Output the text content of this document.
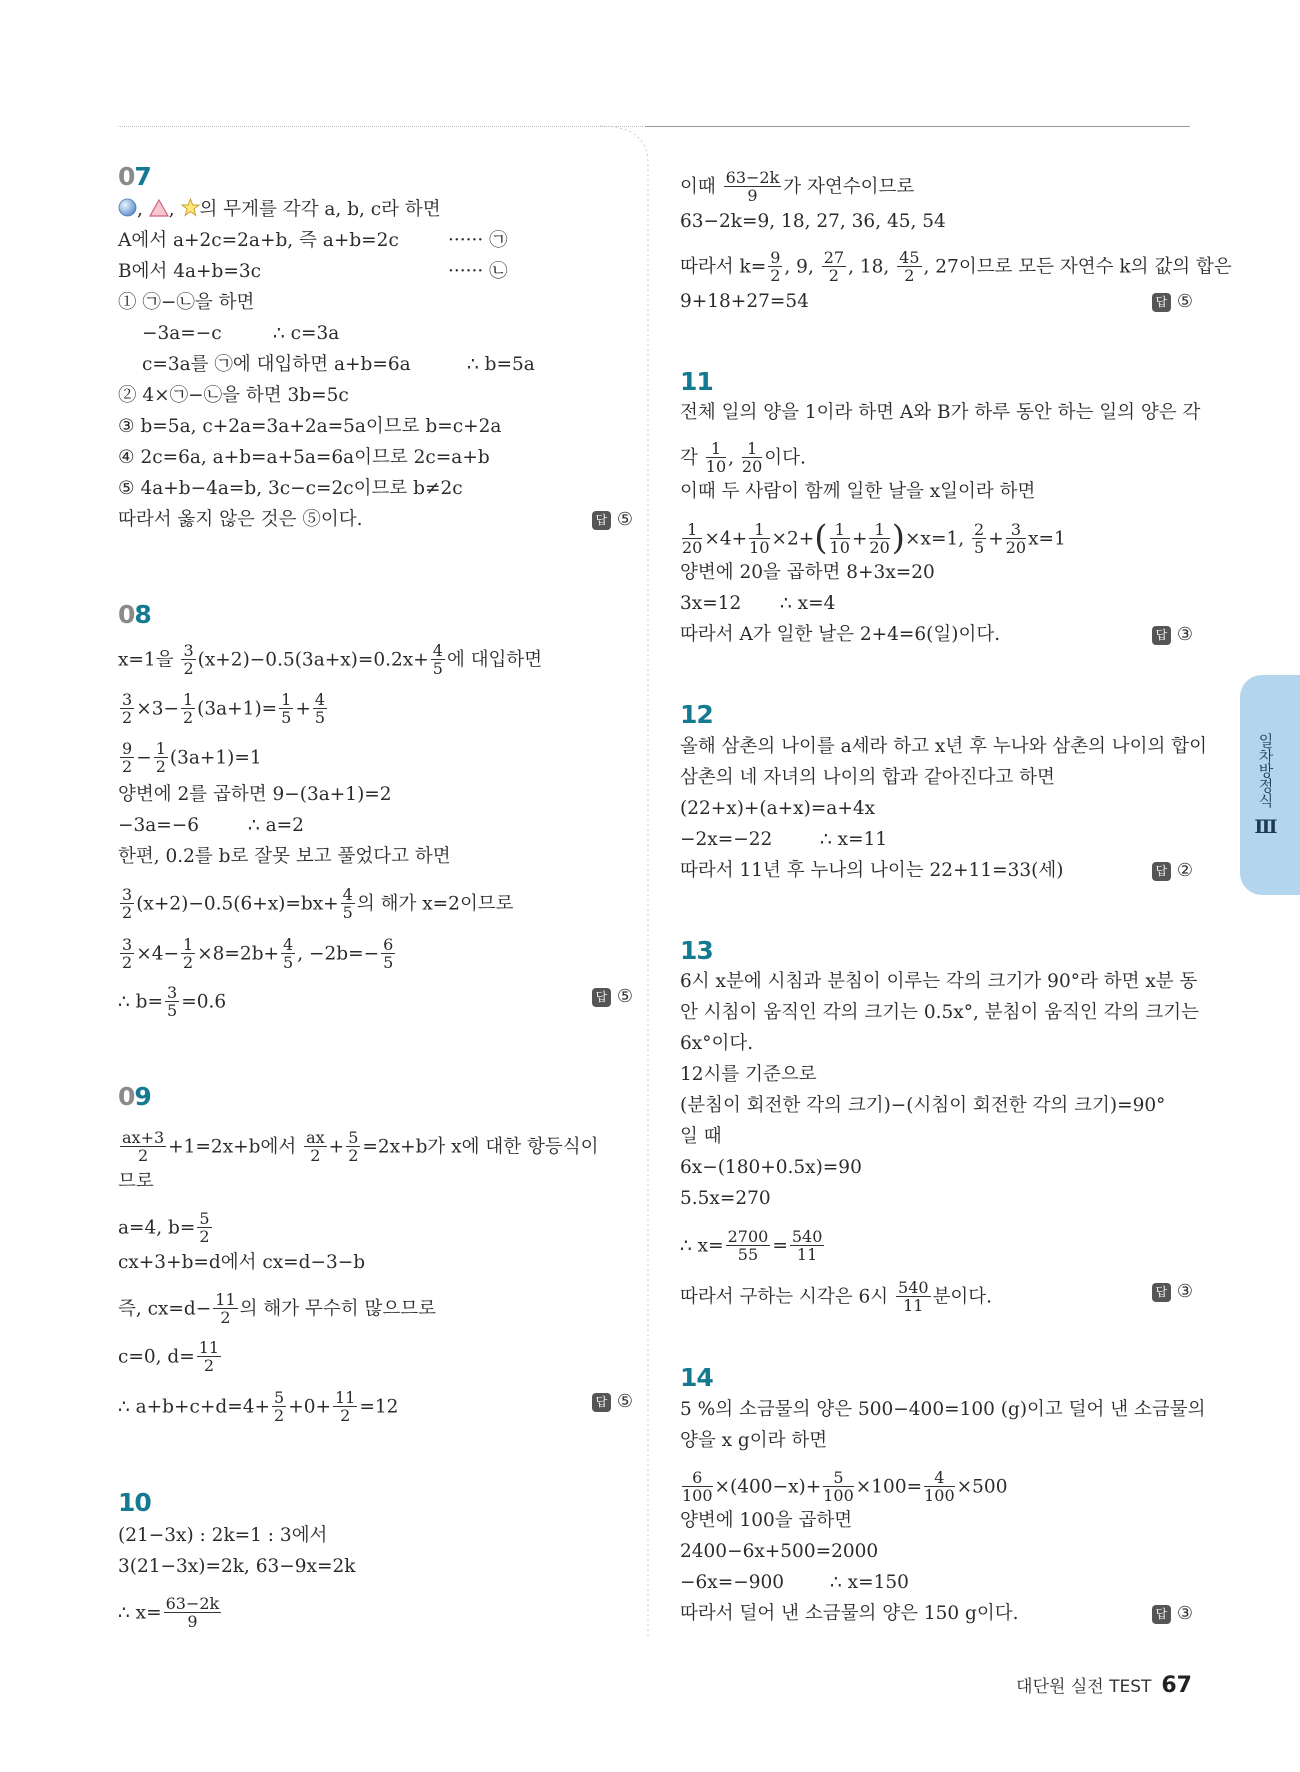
07
, , 의 무게를 각각 a, b, c라 하면
A에서 a+2c=2a+b, 즉 a+b=2c	······ ㉠
B에서 4a+b=3c	······ ㉡
① ㉠−㉡을 하면
−3a=−c	∴ c=3a
c=3a를 ㉠에 대입하면 a+b=6a	∴ b=5a
② 4×㉠−㉡을 하면 3b=5c
③ b=5a, c+2a=3a+2a=5a이므로 b=c+2a
④ 2c=6a, a+b=a+5a=6a이므로 2c=a+b
⑤ 4a+b−4a=b, 3c−c=2c이므로 b≠2c
따라서 옳지 않은 것은 ⑤이다.	답 ⑤
08
x=1을 $\frac{3}{2} (x+2)-0.5(3a+x)=0.2x+ \frac{4}{5}$ 에 대입하면
$\frac{3}{2} \times 3- \frac{1}{2} (3a+1)= \frac{1}{5} + \frac{4}{5}$
$\frac{9}{2} - \frac{1}{2} (3a+1)=1$
양변에 2를 곱하면 9−(3a+1)=2
−3a=−6	∴ a=2
한편, 0.2를 b로 잘못 보고 풀었다고 하면
$\frac{3}{2} (x+2)-0.5(6+x)=bx+ \frac{4}{5}$ 의 해가 x=2이므로
$\frac{3}{2} \times 4- \frac{1}{2} \times 8=2b+ \frac{4}{5}$ , $-2b=- \frac{6}{5}$
∴ $b= \frac{3}{5} =0.6$	답 ⑤
09
$\frac{ax+3}{2} +1=2x+b$에서 $\frac{ax}{2} + \frac{5}{2} =2x+b$가 x에 대한 항등식이
므로
a=4, $b= \frac{5}{2}$
cx+3+b=d에서 cx=d−3−b
즉, $cx=d- \frac{11}{2}$ 의 해가 무수히 많으므로
c=0, $d= \frac{11}{2}$
∴ $a+b+c+d=4+ \frac{5}{2} +0+ \frac{11}{2} =12$	답 ⑤
10
(21−3x) : 2k=1 : 3에서
3(21−3x)=2k, 63−9x=2k
∴ $x= \frac{63-2k}{9}$
이때 $\frac{63-2k}{9}$ 가 자연수이므로
63−2k=9, 18, 27, 36, 45, 54
따라서 $k= \frac{9}{2}$ , 9, $\frac{27}{2}$ , 18, $\frac{45}{2}$ , 27이므로 모든 자연수 k의 값의 합은
9+18+27=54	답 ⑤
11
전체 일의 양을 1이라 하면 A와 B가 하루 동안 하는 일의 양은 각
각 $\frac{1}{10}$ , $\frac{1}{20}$ 이다.
이때 두 사람이 함께 일한 날을 x일이라 하면
$\frac{1}{20} \times 4+ \frac{1}{10} \times 2+( \frac{1}{10} + \frac{1}{20} )\times x=1$, $\frac{2}{5} + \frac{3}{20} x=1$
양변에 20을 곱하면 8+3x=20
3x=12 ∴ x=4
따라서 A가 일한 날은 2+4=6(일)이다.	답 ③
12
올해 삼촌의 나이를 a세라 하고 x년 후 누나와 삼촌의 나이의 합이
삼촌의 네 자녀의 나이의 합과 같아진다고 하면
(22+x)+(a+x)=a+4x
−2x=−22	∴ x=11
따라서 11년 후 누나의 나이는 22+11=33(세)	답 ②
13
6시 x분에 시침과 분침이 이루는 각의 크기가 90°라 하면 x분 동
안 시침이 움직인 각의 크기는 0.5x°, 분침이 움직인 각의 크기는
6x°이다.
12시를 기준으로
(분침이 회전한 각의 크기)−(시침이 회전한 각의 크기)=90°
일 때
6x−(180+0.5x)=90
5.5x=270
∴ $x= \frac{2700}{55} = \frac{540}{11}$
따라서 구하는 시각은 6시 $\frac{540}{11}$ 분이다.	답 ③
14
5 %의 소금물의 양은 500−400=100 (g)이고 덜어 낸 소금물의
양을 x g이라 하면
$\frac{6}{100} \times(400-x)+ \frac{5}{100} \times 100= \frac{4}{100} \times 500$
양변에 100을 곱하면
2400−6x+500=2000
−6x=−900 ∴ x=150
따라서 덜어 낸 소금물의 양은 150 g이다.	답 ③
일차방정식
Ⅲ
대단원 실전 TEST 67
